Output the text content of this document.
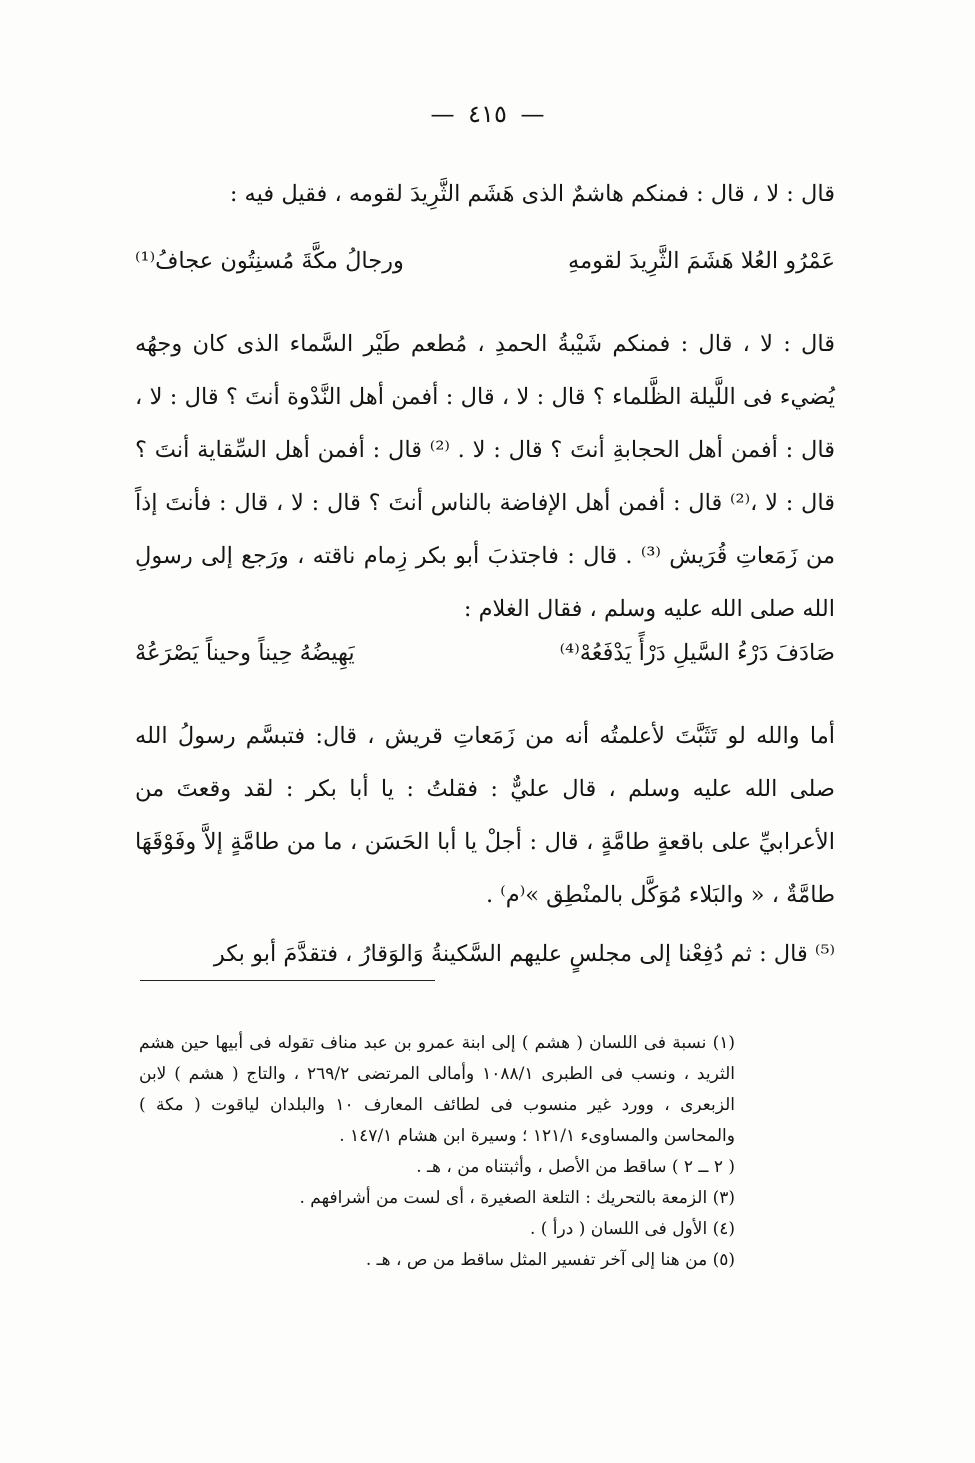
— ٤١٥ —

قال : لا ، قال : فمنكم هاشمٌ الذى هَشَم الثَّرِيدَ لقومه ، فقيل فيه :

عَمْرُو العُلا هَشَمَ الثَّرِيدَ لقومهِ
ورجالُ مكَّةَ مُسنِتُون عجافُ⁽¹⁾

قال : لا ، قال : فمنكم شَيْبةُ الحمدِ ، مُطعم طَيْر السَّماء الذى كان وجهُه يُضيء فى اللَّيلة الظَّلماء ؟ قال : لا ، قال : أفمن أهل النَّدْوة أنتَ ؟ قال : لا ، قال : أفمن أهل الحجابةِ أنتَ ؟ قال : لا . ⁽²⁾ قال : أفمن أهل السِّقاية أنتَ ؟ قال : لا ،⁽²⁾ قال : أفمن أهل الإفاضة بالناس أنتَ ؟ قال : لا ، قال : فأنتَ إذاً من زَمَعاتِ قُرَيش ⁽³⁾ . قال : فاجتذبَ أبو بكر زِمام ناقته ، ورَجع إلى رسولِ الله صلى الله عليه وسلم ، فقال الغلام :

صَادَفَ دَرْءُ السَّيلِ دَرْأً يَدْفَعُهْ⁽⁴⁾
يَهِيضُهُ حِيناً وحيناً يَصْرَعُهْ

أما والله لو تَثَبَّتَ لأعلمتُه أنه من زَمَعاتِ قريش ، قال: فتبسَّم رسولُ الله صلى الله عليه وسلم ، قال عليٌّ : فقلتُ : يا أبا بكر : لقد وقعتَ من الأعرابيِّ على باقعةٍ طامَّةٍ ، قال : أجلْ يا أبا الحَسَن ، ما من طامَّةٍ إلاَّ وفَوْقَهَا طامَّةٌ ، « والبَلاء مُوَكَّل بالمنْطِق »⁽م⁾ .

⁽⁵⁾ قال : ثم دُفِعْنا إلى مجلسٍ عليهم السَّكينةُ وَالوَقارُ ، فتقدَّمَ أبو بكر

(١) نسبة فى اللسان ( هشم ) إلى ابنة عمرو بن عبد مناف تقوله فى أبيها حين هشم الثريد ، ونسب فى الطبرى ١٠٨٨/١ وأمالى المرتضى ٢٦٩/٢ ، والتاج ( هشم ) لابن الزبعرى ، وورد غير منسوب فى لطائف المعارف ١٠ والبلدان لياقوت ( مكة ) والمحاسن والمساوىء ١٢١/١ ؛ وسيرة ابن هشام ١٤٧/١ .

( ٢ ــ ٢ ) ساقط من الأصل ، وأثبتناه من ، هـ .

(٣) الزمعة بالتحريك : التلعة الصغيرة ، أى لست من أشرافهم .

(٤) الأول فى اللسان ( درأ ) .

(٥) من هنا إلى آخر تفسير المثل ساقط من ص ، هـ .
